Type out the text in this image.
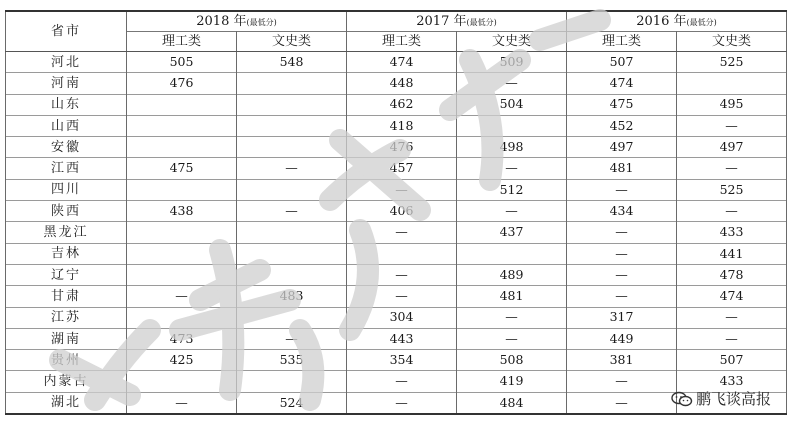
省市	2018 年(最低分)		2017 年(最低分)		2016 年(最低分)	
	理工类	文史类	理工类	文史类	理工类	文史类
河北	505	548	474	509	507	525
河南	476		448	—	474	
山东			462	504	475	495
山西			418		452	—
安徽			476	498	497	497
江西	475	—	457	—	481	—
四川			—	512	—	525
陕西	438	—	406	—	434	—
黑龙江			—	437	—	433
吉林					—	441
辽宁			—	489	—	478
甘肃	—	483	—	481	—	474
江苏			304	—	317	—
湖南	473	—	443	—	449	—
贵州	425	535	354	508	381	507
内蒙古			—	419	—	433
湖北	—	524	—	484	—		鹏飞谈高报
